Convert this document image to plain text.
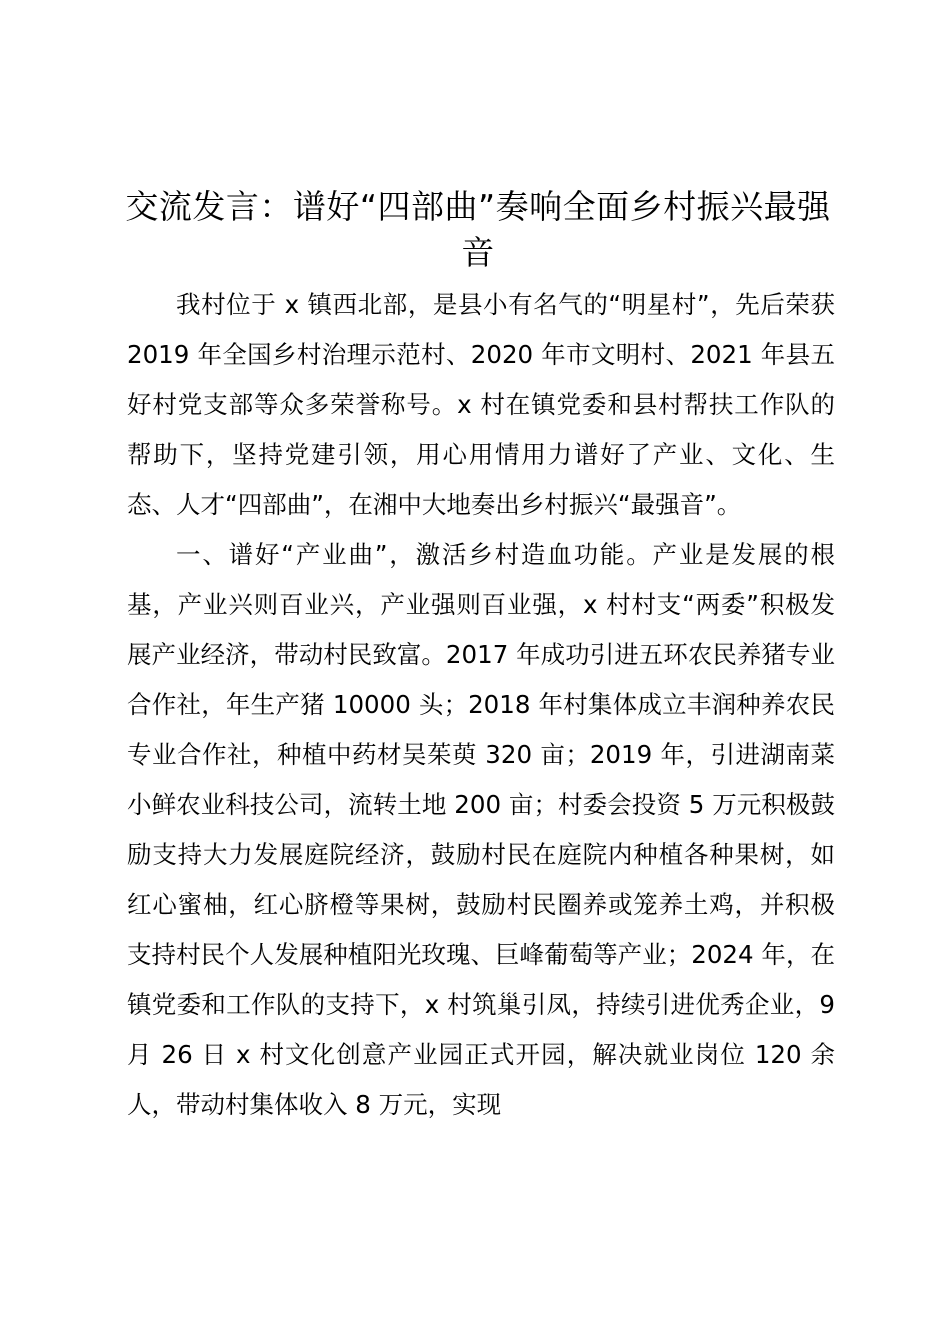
交流发言：谱好“四部曲”奏响全面乡村振兴最强音

我村位于 x 镇西北部，是县小有名气的“明星村”，先后荣获 2019 年全国乡村治理示范村、2020 年市文明村、2021 年县五好村党支部等众多荣誉称号。x 村在镇党委和县村帮扶工作队的帮助下，坚持党建引领，用心用情用力谱好了产业、文化、生态、人才“四部曲”，在湘中大地奏出乡村振兴“最强音”。

一、谱好“产业曲”，激活乡村造血功能。产业是发展的根基，产业兴则百业兴，产业强则百业强，x 村村支“两委”积极发展产业经济，带动村民致富。2017 年成功引进五环农民养猪专业合作社，年生产猪 10000 头；2018 年村集体成立丰润种养农民专业合作社，种植中药材吴茱萸 320 亩；2019 年，引进湖南菜小鲜农业科技公司，流转土地 200 亩；村委会投资 5 万元积极鼓励支持大力发展庭院经济，鼓励村民在庭院内种植各种果树，如红心蜜柚，红心脐橙等果树，鼓励村民圈养或笼养土鸡，并积极支持村民个人发展种植阳光玫瑰、巨峰葡萄等产业；2024 年，在镇党委和工作队的支持下，x 村筑巢引凤，持续引进优秀企业，9 月 26 日 x 村文化创意产业园正式开园，解决就业岗位 120 余人，带动村集体收入 8 万元，实现
